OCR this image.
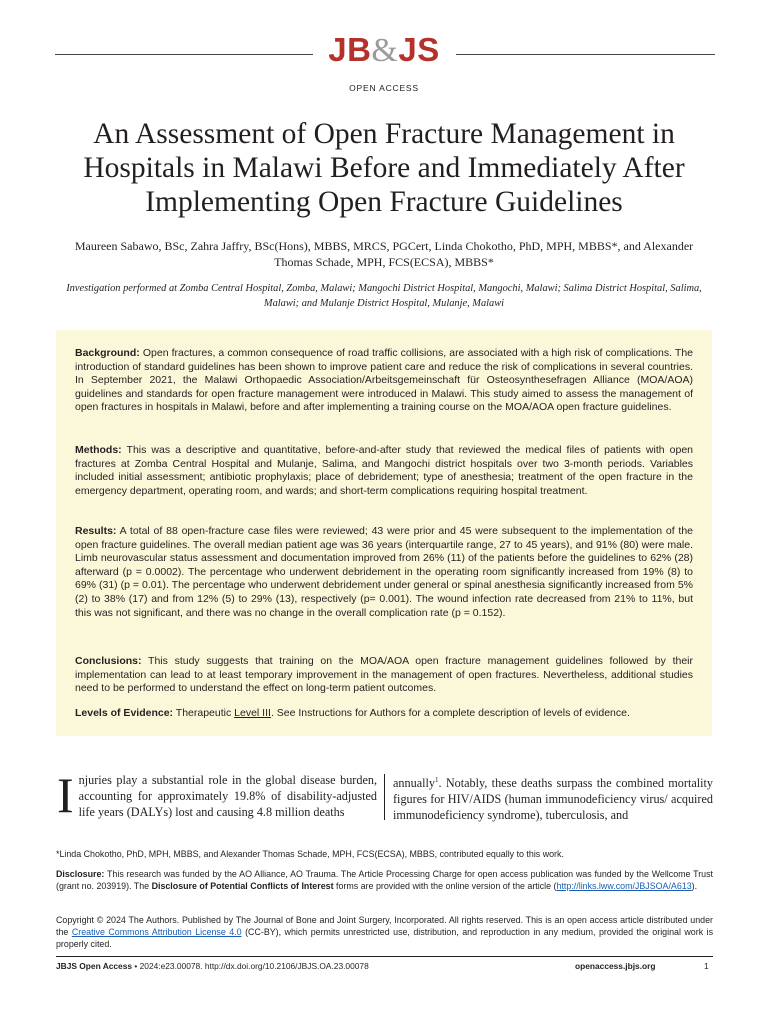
JB&JS
OPEN ACCESS
An Assessment of Open Fracture Management in Hospitals in Malawi Before and Immediately After Implementing Open Fracture Guidelines
Maureen Sabawo, BSc, Zahra Jaffry, BSc(Hons), MBBS, MRCS, PGCert, Linda Chokotho, PhD, MPH, MBBS*, and Alexander Thomas Schade, MPH, FCS(ECSA), MBBS*
Investigation performed at Zomba Central Hospital, Zomba, Malawi; Mangochi District Hospital, Mangochi, Malawi; Salima District Hospital, Salima, Malawi; and Mulanje District Hospital, Mulanje, Malawi
Background: Open fractures, a common consequence of road traffic collisions, are associated with a high risk of complications. The introduction of standard guidelines has been shown to improve patient care and reduce the risk of complications in several countries. In September 2021, the Malawi Orthopaedic Association/Arbeitsgemeinschaft für Osteosynthesefragen Alliance (MOA/AOA) guidelines and standards for open fracture management were introduced in Malawi. This study aimed to assess the management of open fractures in hospitals in Malawi, before and after implementing a training course on the MOA/AOA open fracture guidelines.
Methods: This was a descriptive and quantitative, before-and-after study that reviewed the medical files of patients with open fractures at Zomba Central Hospital and Mulanje, Salima, and Mangochi district hospitals over two 3-month periods. Variables included initial assessment; antibiotic prophylaxis; place of debridement; type of anesthesia; treatment of the open fracture in the emergency department, operating room, and wards; and short-term complications requiring hospital treatment.
Results: A total of 88 open-fracture case files were reviewed; 43 were prior and 45 were subsequent to the implementation of the open fracture guidelines. The overall median patient age was 36 years (interquartile range, 27 to 45 years), and 91% (80) were male. Limb neurovascular status assessment and documentation improved from 26% (11) of the patients before the guidelines to 62% (28) afterward (p = 0.0002). The percentage who underwent debridement in the operating room significantly increased from 19% (8) to 69% (31) (p = 0.01). The percentage who underwent debridement under general or spinal anesthesia significantly increased from 5% (2) to 38% (17) and from 12% (5) to 29% (13), respectively (p= 0.001). The wound infection rate decreased from 21% to 11%, but this was not significant, and there was no change in the overall complication rate (p = 0.152).
Conclusions: This study suggests that training on the MOA/AOA open fracture management guidelines followed by their implementation can lead to at least temporary improvement in the management of open fractures. Nevertheless, additional studies need to be performed to understand the effect on long-term patient outcomes.
Levels of Evidence: Therapeutic Level III. See Instructions for Authors for a complete description of levels of evidence.
Injuries play a substantial role in the global disease burden, accounting for approximately 19.8% of disability-adjusted life years (DALYs) lost and causing 4.8 million deaths
annually$^1$. Notably, these deaths surpass the combined mortality figures for HIV/AIDS (human immunodeficiency virus/ acquired immunodeficiency syndrome), tuberculosis, and
*Linda Chokotho, PhD, MPH, MBBS, and Alexander Thomas Schade, MPH, FCS(ECSA), MBBS, contributed equally to this work.
Disclosure: This research was funded by the AO Alliance, AO Trauma. The Article Processing Charge for open access publication was funded by the Wellcome Trust (grant no. 203919). The Disclosure of Potential Conflicts of Interest forms are provided with the online version of the article (http://links.lww.com/JBJSOA/A613).
Copyright © 2024 The Authors. Published by The Journal of Bone and Joint Surgery, Incorporated. All rights reserved. This is an open access article distributed under the Creative Commons Attribution License 4.0 (CC-BY), which permits unrestricted use, distribution, and reproduction in any medium, provided the original work is properly cited.
JBJS Open Access • 2024:e23.00078. http://dx.doi.org/10.2106/JBJS.OA.23.00078	openaccess.jbjs.org	1
